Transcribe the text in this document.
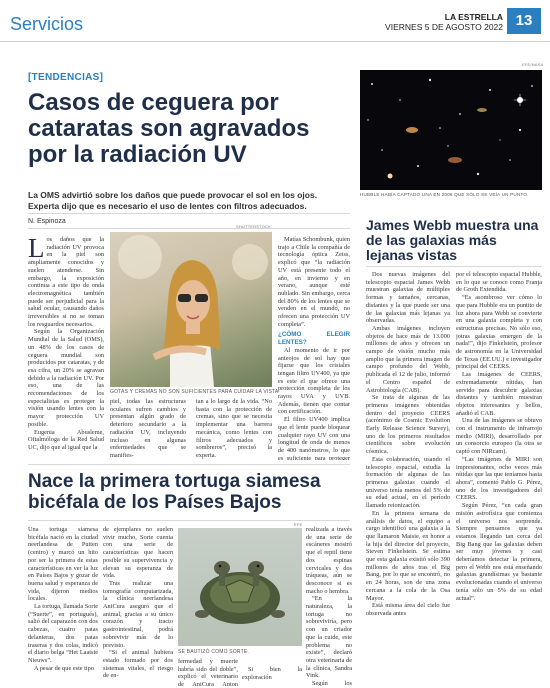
Servicios	LA ESTRELLA
VIERNES 5 DE AGOSTO 2022 13
[TENDENCIAS]
Casos de ceguera por cataratas son agravados por la radiación UV
La OMS advirtió sobre los daños que puede provocar el sol en los ojos. Experta dijo que es necesario el uso de lentes con filtros adecuados.
N. Espinoza
L os daños que la radiación UV provoca en la piel son ampliamente conocidos y suelen atenderse. Sin embargo, la exposición continua a este tipo de onda electromagnética también puede ser perjudicial para la salud ocular, causando daños irreversibles si no se toman los resguardos necesarios.

Según la Organización Mundial de la Salud (OMS), un 48% de los casos de ceguera mundial son producidos por cataratas, y de esa cifra, un 20% se agravan debido a la radiación UV. Por eso, una de las recomendaciones de los especialistas es proteger la visión usando lentes con la mayor protección UV posible.

Eugenia Abusleme, Oftalmóloga de la Red Salud UC, dijo que al igual que la

SHUTTERSTOCK
GOTAS Y CREMAS NO SON SUFICIENTES PARA CUIDAR LA VISTA

piel, todas las estructuras oculares sufren cambios y presentan algún grado de deterioro secundario a la radiación UV, incluyendo incluso en algunas enfermedades que se manifies-

tan a lo largo de la vida. “No basta con la protección de cremas, sino que se necesita implementar una barrera mecánica, como lentes con filtros adecuados y sombreros”, precisó la experta.

Matías Schombunk, quien trajo a Chile la compañía de tecnología óptica Zeiss, explicó que “la radiación UV está presente todo el año, en invierno y en verano, aunque esté nublado. Sin embargo, cerca del 80% de los lentes que se venden en el mundo, no ofrecen una protección UV completa”.

¿CÓMO ELEGIR LENTES?

Al momento de ir por anteojos de sol hay que fijarse que los cristales tengan filtro UV400, ya que es este el que ofrece una protección completa de los rayos UVA y UVB. Además, tienen que contar con certificación.

El filtro UV400 implica que el lente puede bloquear cualquier rayo UV con una longitud de onda de menos de 400 nanómetros, lo que es suficiente para proteger

Nace la primera tortuga siamesa bicéfala de los Países Bajos

Una tortuga siamesa bicéfala nació en la ciudad neerlandesa de Putten (centro) y marcó un hito por ser la primera de estas características en ver la luz en Países Bajos y gozar de buena salud y esperanza de vida, dijeron medios locales.

La tortuga, llamada Sorte (“Suerte”, en portugués), salió del caparazón con dos cabezas, cuatro patas delanteras, dos patas traseras y dos colas, indicó el diario belga “Het Laatste Nieuws”.

A pesar de que este tipo

de ejemplares no suelen vivir mucho, Sorte cuenta con una serie de características que hacen posible su supervivencia y elevan su esperanza de vida.

Tras realizar una tomografía computarizada, la clínica neerlandesa AniCura aseguró que el animal, gracias a su único corazón y tracto gastrointestinal, podrá sobrevivir más de lo previsto.

“Si el animal hubiera estado formado por dos sistemas vitales, el riesgo de en-

EFE
SE BAUTIZÓ COMO SORTE.

fermedad y muerte habría sido del doble”, explicó el veterinario de AniCura Anton

Si bien la exploración

realizada a través de una serie de escáneres mostró que el reptil tiene dos espinas cervicales y dos tráqueas, aún se desconoce si es macho o hembra.

“En la naturaleza, la tortuga no sobreviviría, pero con un criador que la cuide, este problema no existe”, declaró otra veterinaria de la clínica, Sandra Vink.

Según los

EFE/NASA
HUBBLE HABÍA CAPTADO UNA EN 2006 QUE SÓLO SE VEÍA UN PUNTO.
James Webb muestra una de las galaxias más lejanas vistas

Dos nuevas imágenes del telescopio espacial James Webb muestran galaxias de múltiples formas y tamaños, cercanas, distantes y la que puede ser una de las galaxias más lejanas ya observadas.

Ambas imágenes incluyen objetos de hace más de 13.000 millones de años y ofrecen un campo de visión mucho más amplio que la primera imagen de campo profundo del Webb, publicada el 12 de julio, informó el Centro español de Astrobiología (CAB).

Se trata de algunas de las primeras imágenes obtenidas dentro del proyecto CEERS (acrónimo de Cosmic Evolution Early Release Science Survey), uno de los primeros resultados científicos sobre evolución cósmica.

Esta colaboración, usando el telescopio espacial, estudia la formación de algunas de las primeras galaxias cuando el universo tenía menos del 5% de su edad actual, en el período llamado reionización.

En la primera semana de análisis de datos, el equipo a cargo identificó una galaxia a la que llamaron Maisie, en honor a la hija del director del proyecto, Steven Finkelstein. Se estima que esta galaxia existió sólo 390 millones de años tras el Big Bang, por lo que se encontró, no en 24 horas, son de una zona cercana a la cola de la Osa Mayor.

Está misma área del cielo fue observada antes

por el telescopio espacial Hubble, en lo que se conoce como Franja de Groth Extendida.

“Es asombroso ver cómo lo que para Hubble era un puntito de luz ahora para Webb se convierte en una galaxia completa y con estructuras precisas. No sólo eso, jotras galaxias emergen de la nada!”, dijo Finkelstein, profesor de astronomía en la Universidad de Texas (EE.UU.) e investigador principal del CEERS.

Las imágenes de CEERS, extremadamente nítidas, han servido para descubrir galaxias distantes y también muestran objetos interesantes y bellos, añadió el CAB.

Una de las imágenes se obtuvo con el instrumento de infrarrojo medio (MIRI), desarrollado por un consorcio europeo (la otra se captó con NIRcam).

“Las imágenes de MIRI son impresionantes, ocho veces más nítidas que las que teníamos hasta ahora”, comentó Pablo G. Pérez, uno de los investigadores del CEERS.

Según Pérez, “en cada gran misión astrofísica que comienza el universo nos sorprende. Siempre pensamos que ya estamos llegando tan cerca del Big Bang que las galaxias deben ser muy jóvenes y casi deberíamos detectar la primera, pero el Webb nos está enseñando galaxias grandísimas ya bastante evolucionadas cuando el universo tenía sólo un 5% de su edad actual”.
